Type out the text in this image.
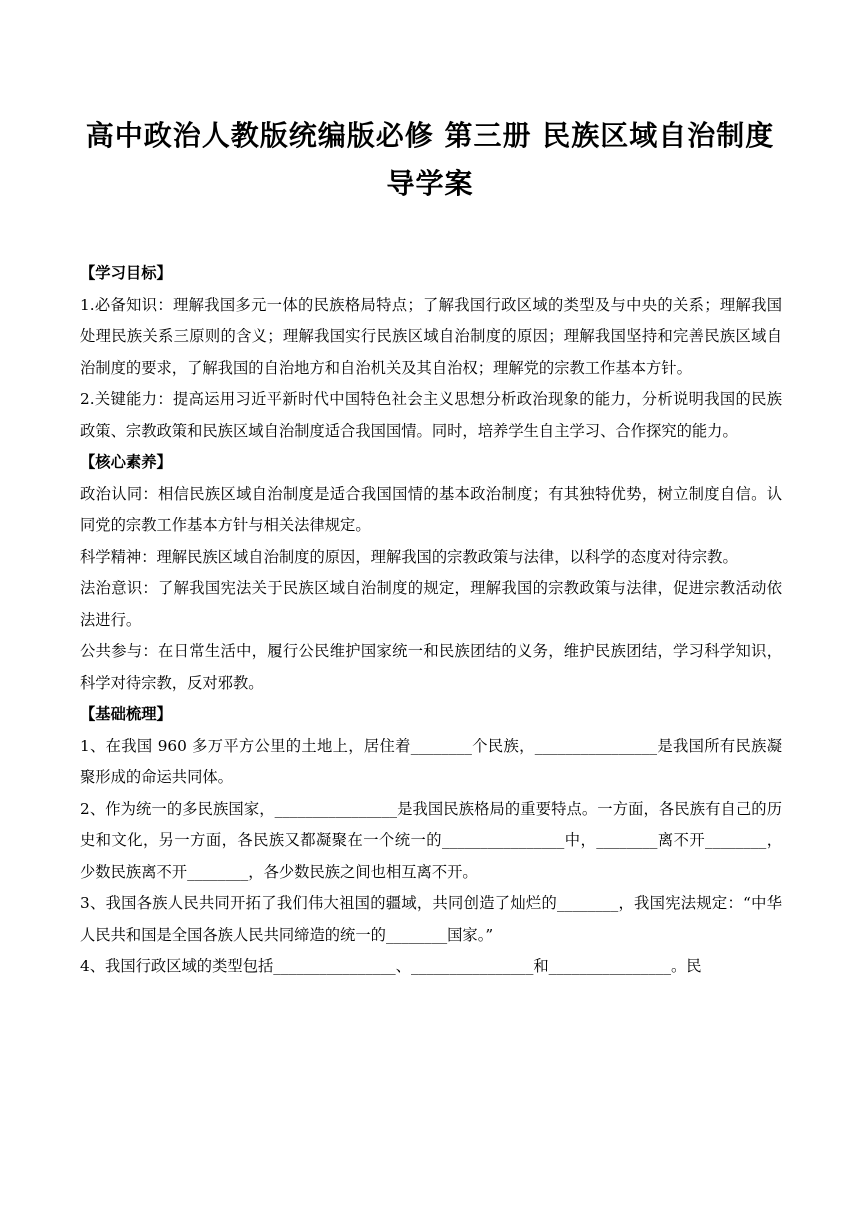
高中政治人教版统编版必修 第三册 民族区域自治制度
导学案

【学习目标】

1.必备知识：理解我国多元一体的民族格局特点；了解我国行政区域的类型及与中央的关系；理解我国处理民族关系三原则的含义；理解我国实行民族区域自治制度的原因；理解我国坚持和完善民族区域自治制度的要求，了解我国的自治地方和自治机关及其自治权；理解党的宗教工作基本方针。

2.关键能力：提高运用习近平新时代中国特色社会主义思想分析政治现象的能力，分析说明我国的民族政策、宗教政策和民族区域自治制度适合我国国情。同时，培养学生自主学习、合作探究的能力。

【核心素养】

政治认同：相信民族区域自治制度是适合我国国情的基本政治制度；有其独特优势，树立制度自信。认同党的宗教工作基本方针与相关法律规定。

科学精神：理解民族区域自治制度的原因，理解我国的宗教政策与法律，以科学的态度对待宗教。

法治意识：了解我国宪法关于民族区域自治制度的规定，理解我国的宗教政策与法律，促进宗教活动依法进行。

公共参与：在日常生活中，履行公民维护国家统一和民族团结的义务，维护民族团结，学习科学知识，科学对待宗教，反对邪教。

【基础梳理】

1、在我国 960 多万平方公里的土地上，居住着________个民族，________________是我国所有民族凝聚形成的命运共同体。

2、作为统一的多民族国家，________________是我国民族格局的重要特点。一方面，各民族有自己的历史和文化，另一方面，各民族又都凝聚在一个统一的________________中，________离不开________，少数民族离不开________，各少数民族之间也相互离不开。

3、我国各族人民共同开拓了我们伟大祖国的疆域，共同创造了灿烂的________，我国宪法规定：“中华人民共和国是全国各族人民共同缔造的统一的________国家。”

4、我国行政区域的类型包括________________、________________和________________。民
